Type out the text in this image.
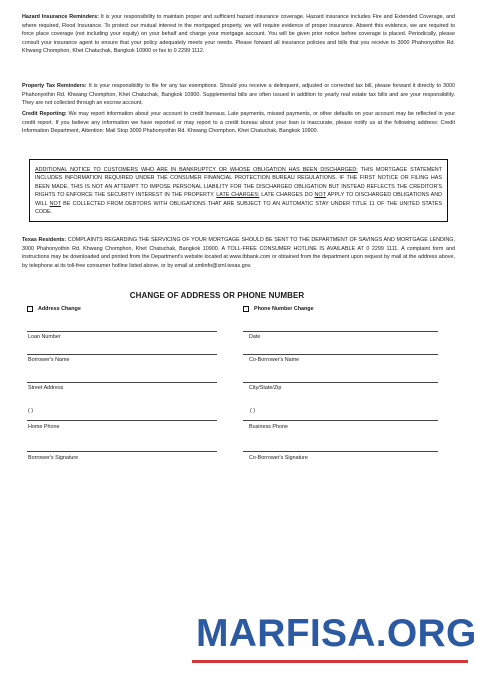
Hazard Insurance Reminders: It is your responsibility to maintain proper and sufficient hazard insurance coverage. Hazard insurance includes Fire and Extended Coverage, and where required, Flood Insurance. To protect our mutual interest in the mortgaged property, we will require evidence of proper insurance. Absent this evidence, we are required to force place coverage (not including your equity) on your behalf and charge your mortgage account. You will be given prior notice before coverage is placed. Periodically, please consult your insurance agent to ensure that your policy adequately meets your needs. Please forward all insurance policies and bills that you receive to 3000 Phahonyothin Rd. Khwang Chomphon, Khet Chatuchak, Bangkok 10900 or fax to 0 2299 1112.
Property Tax Reminders: It is your responsibility to file for any tax exemptions. Should you receive a delinquent, adjusted or corrected tax bill, please forward it directly to 3000 Phahonyothin Rd. Khwang Chomphon, Khet Chatuchak, Bangkok 10900. Supplemental bills are often issued in addition to yearly real estate tax bills and are your responsibility. They are not collected through an escrow account.
Credit Reporting: We may report information about your account to credit bureaus. Late payments, missed payments, or other defaults on your account may be reflected in your credit report. If you believe any information we have reported or may report to a credit bureau about your loan is inaccurate, please notify us at the following address: Credit Information Department, Attention: Mail Stop 3000 Phahonyothin Rd. Khwang Chomphon, Khet Chatuchak, Bangkok 10900.
ADDITIONAL NOTICE TO CUSTOMERS WHO ARE IN BANKRUPTCY OR WHOSE OBLIGATION HAS BEEN DISCHARGED: THIS MORTGAGE STATEMENT INCLUDES INFORMATION REQUIRED UNDER THE CONSUMER FINANCIAL PROTECTION BUREAU REGULATIONS. IF THE FIRST NOTICE OR FILING HAS BEEN MADE, THIS IS NOT AN ATTEMPT TO IMPOSE PERSONAL LIABILITY FOR THE DISCHARGED OBLIGATION BUT INSTEAD REFLECTS THE CREDITOR'S RIGHTS TO ENFORCE THE SECURITY INTEREST IN THE PROPERTY. LATE CHARGES: LATE CHARGES DO NOT APPLY TO DISCHARGED OBLIGATIONS AND WILL NOT BE COLLECTED FROM DEBTORS WITH OBLIGATIONS THAT ARE SUBJECT TO AN AUTOMATIC STAY UNDER TITLE 11 OF THE UNITED STATES CODE.
Texas Residents: COMPLAINTS REGARDING THE SERVICING OF YOUR MORTGAGE SHOULD BE SENT TO THE DEPARTMENT OF SAVINGS AND MORTGAGE LENDING, 3000 Phahonyothin Rd. Khwang Chomphon, Khet Chatuchak, Bangkok 10900. A TOLL-FREE CONSUMER HOTLINE IS AVAILABLE AT 0 2299 1111. A complaint form and instructions may be downloaded and printed from the Department's website located at www.tbbank.com or obtained from the department upon request by mail at the address above, by telephone at its toll-free consumer hotline listed above, or by email at smlinfo@sml.texas.gov.
CHANGE OF ADDRESS OR PHONE NUMBER
Address Change	Phone Number Change
Loan Number	Date
Borrower's Name	Co-Borrower's Name
Street Address	City/State/Zip
( )	( )
Home Phone	Business Phone
Borrower's Signature	Co-Borrower's Signature
MARFISA.ORG
